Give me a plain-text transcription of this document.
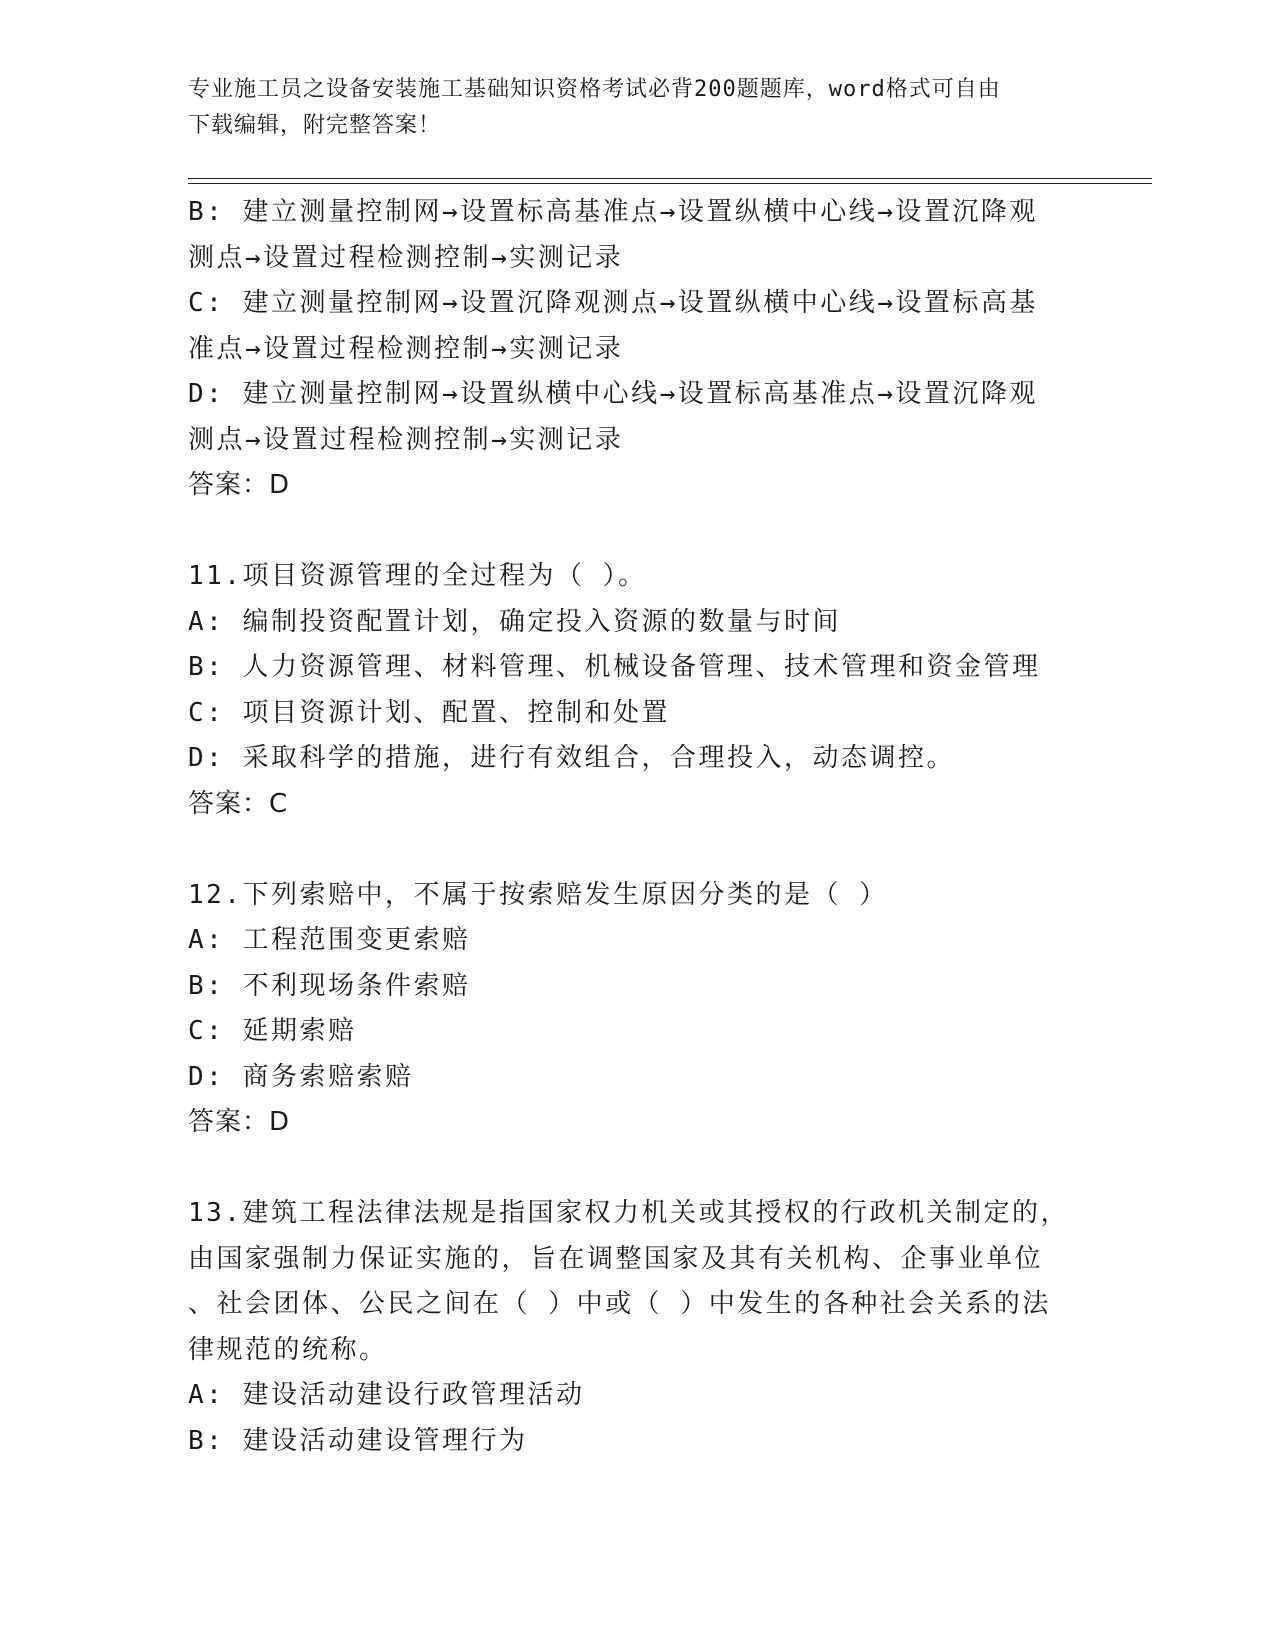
专业施工员之设备安装施工基础知识资格考试必背200题题库，word格式可自由
下载编辑，附完整答案！
B: 建立测量控制网→设置标高基准点→设置纵横中心线→设置沉降观
测点→设置过程检测控制→实测记录
C: 建立测量控制网→设置沉降观测点→设置纵横中心线→设置标高基
准点→设置过程检测控制→实测记录
D: 建立测量控制网→设置纵横中心线→设置标高基准点→设置沉降观
测点→设置过程检测控制→实测记录
答案：D
11.项目资源管理的全过程为（ ）。
A: 编制投资配置计划，确定投入资源的数量与时间
B: 人力资源管理、材料管理、机械设备管理、技术管理和资金管理
C: 项目资源计划、配置、控制和处置
D: 采取科学的措施，进行有效组合，合理投入，动态调控。
答案：C
12.下列索赔中，不属于按索赔发生原因分类的是（ ）
A: 工程范围变更索赔
B: 不利现场条件索赔
C: 延期索赔
D: 商务索赔索赔
答案：D
13.建筑工程法律法规是指国家权力机关或其授权的行政机关制定的，
由国家强制力保证实施的，旨在调整国家及其有关机构、企事业单位
、社会团体、公民之间在（ ）中或（ ）中发生的各种社会关系的法
律规范的统称。
A: 建设活动建设行政管理活动
B: 建设活动建设管理行为
